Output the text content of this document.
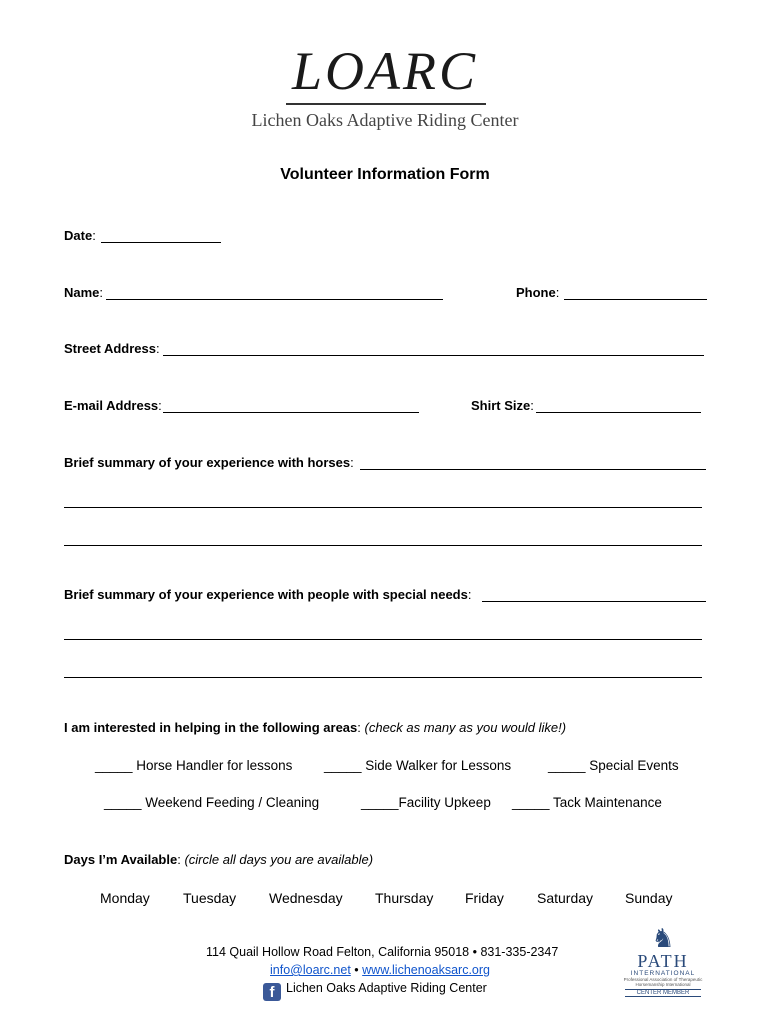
LOARC
Lichen Oaks Adaptive Riding Center
Volunteer Information Form
Date:
Name:	Phone:
Street Address:
E-mail Address:	Shirt Size:
Brief summary of your experience with horses:
Brief summary of your experience with people with special needs:
I am interested in helping in the following areas: (check as many as you would like!)
_____ Horse Handler for lessons _____ Side Walker for Lessons	_____ Special Events
_____ Weekend Feeding / Cleaning	_____Facility Upkeep _____ Tack Maintenance
Days I’m Available: (circle all days you are available)
Monday Tuesday Wednesday Thursday Friday Saturday Sunday
114 Quail Hollow Road Felton, California 95018 • 831-335-2347
info@loarc.net • www.lichenoaksarc.org
f Lichen Oaks Adaptive Riding Center
♞
PATH
INTERNATIONAL
Professional Association of Therapeutic Horsemanship International
CENTER MEMBER
